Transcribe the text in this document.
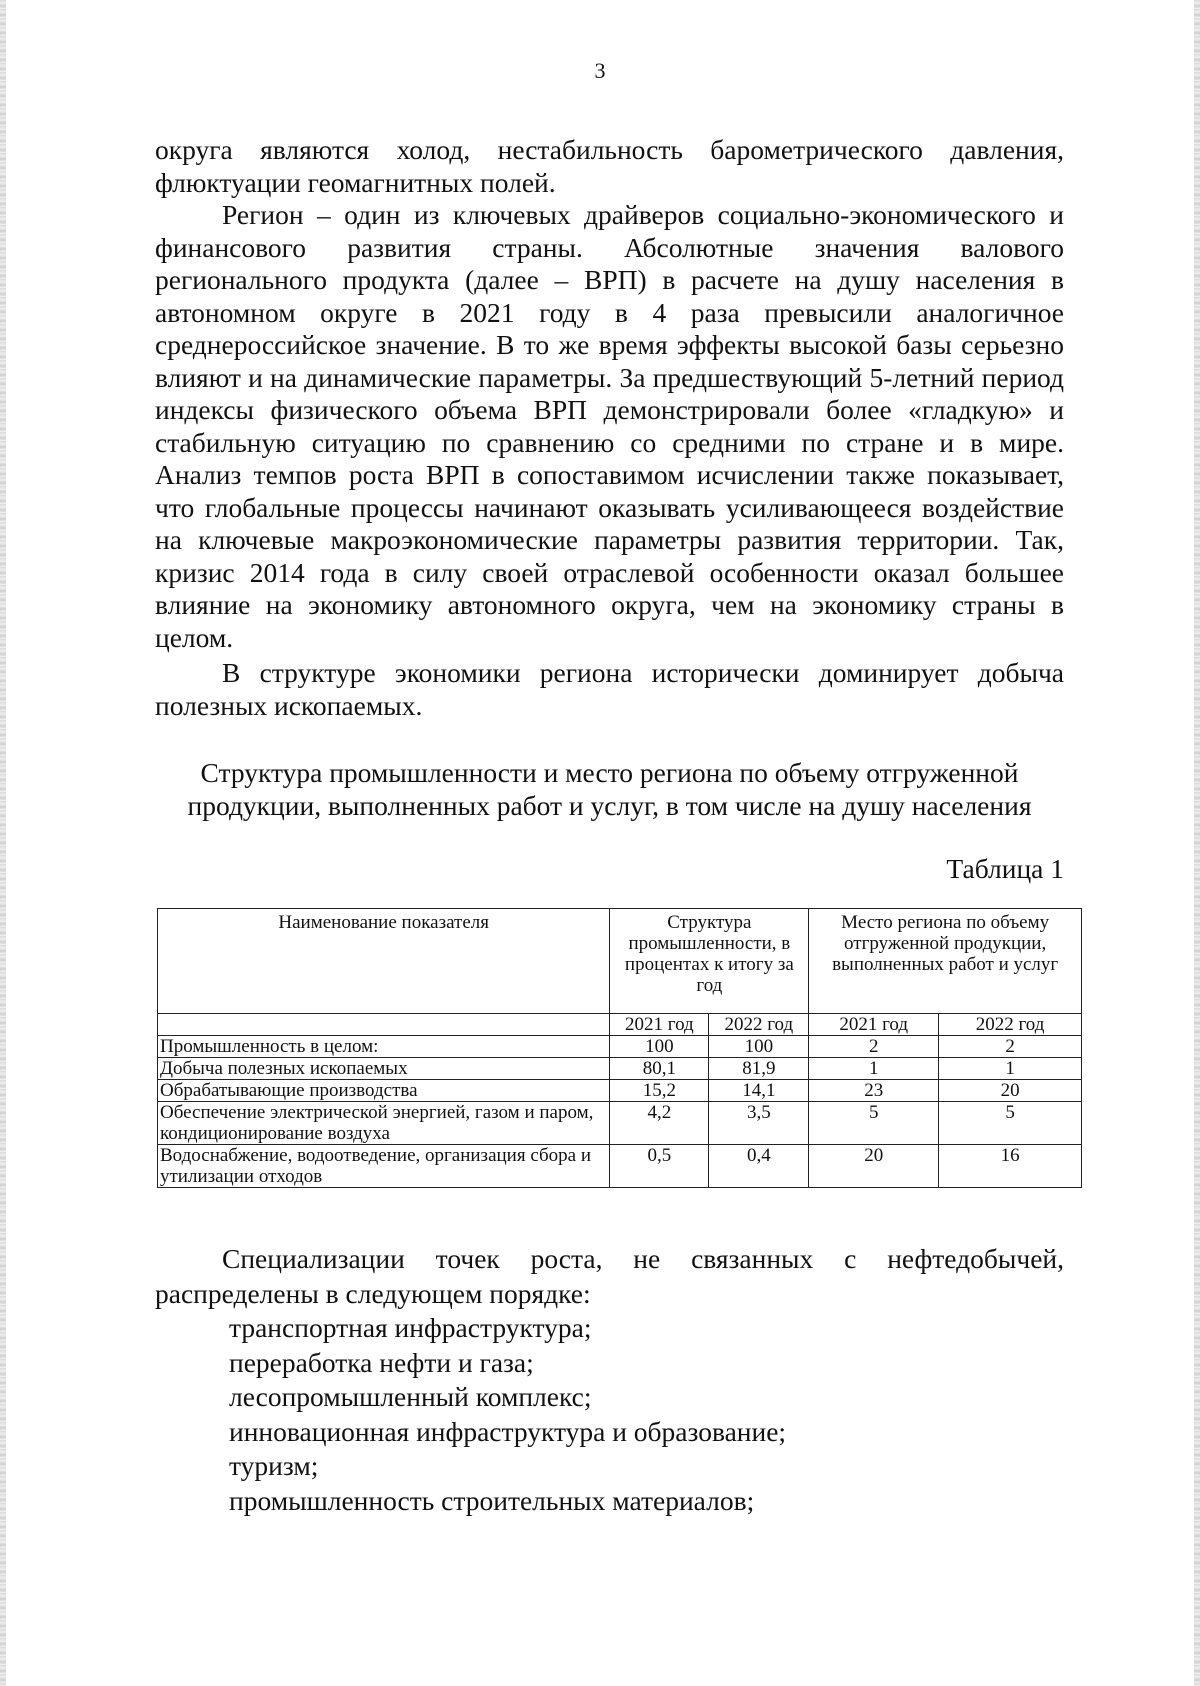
3

округа являются холод, нестабильность барометрического давления, флюктуации геомагнитных полей.

Регион – один из ключевых драйверов социально-экономического и финансового развития страны. Абсолютные значения валового регионального продукта (далее – ВРП) в расчете на душу населения в автономном округе в 2021 году в 4 раза превысили аналогичное среднероссийское значение. В то же время эффекты высокой базы серьезно влияют и на динамические параметры. За предшествующий 5-летний период индексы физического объема ВРП демонстрировали более «гладкую» и стабильную ситуацию по сравнению со средними по стране и в мире. Анализ темпов роста ВРП в сопоставимом исчислении также показывает, что глобальные процессы начинают оказывать усиливающееся воздействие на ключевые макроэкономические параметры развития территории. Так, кризис 2014 года в силу своей отраслевой особенности оказал большее влияние на экономику автономного округа, чем на экономику страны в целом.

В структуре экономики региона исторически доминирует добыча полезных ископаемых.

Структура промышленности и место региона по объему отгруженной
продукции, выполненных работ и услуг, в том числе на душу населения
Таблица 1
Наименование показателя	Структура промышленности, в процентах к итогу за год		Место региона по объему отгруженной продукции, выполненных работ и услуг	
	2021 год	2022 год	2021 год	2022 год
Промышленность в целом:	100	100	2	2
Добыча полезных ископаемых	80,1	81,9	1	1
Обрабатывающие производства	15,2	14,1	23	20
Обеспечение электрической энергией, газом и паром, кондиционирование воздуха	4,2	3,5	5	5
Водоснабжение, водоотведение, организация сбора и утилизации отходов	0,5	0,4	20	16

Специализации точек роста, не связанных с нефтедобычей,

распределены в следующем порядке:

транспортная инфраструктура;

переработка нефти и газа;

лесопромышленный комплекс;

инновационная инфраструктура и образование;

туризм;

промышленность строительных материалов;
